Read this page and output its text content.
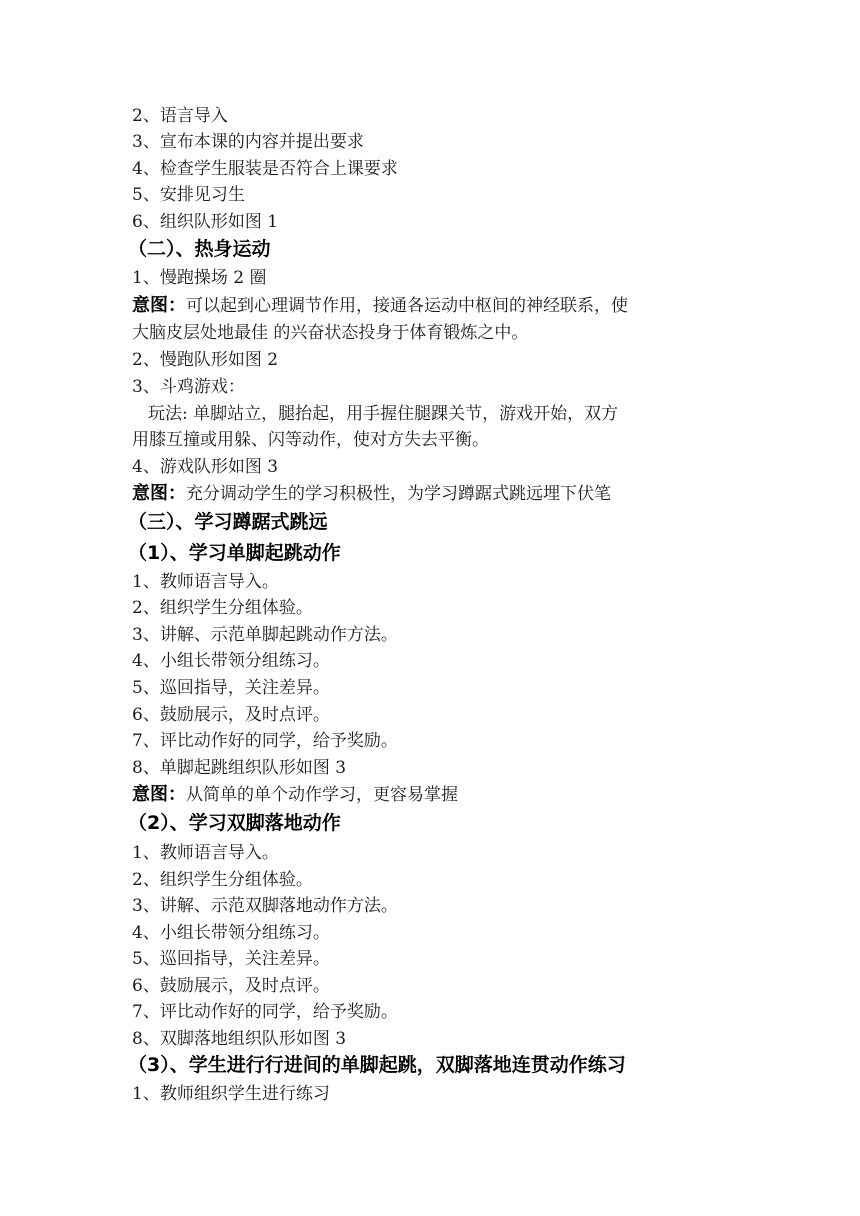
2、语言导入
3、宣布本课的内容并提出要求
4、检查学生服装是否符合上课要求
5、安排见习生
6、组织队形如图 1
（二）、热身运动
1、慢跑操场 2 圈
意图：可以起到心理调节作用，接通各运动中枢间的神经联系，使
大脑皮层处地最佳 的兴奋状态投身于体育锻炼之中。
2、慢跑队形如图 2
3、斗鸡游戏：
玩法: 单脚站立，腿抬起，用手握住腿踝关节，游戏开始，双方
用膝互撞或用躲、闪等动作，使对方失去平衡。
4、游戏队形如图 3
意图：充分调动学生的学习积极性，为学习蹲踞式跳远埋下伏笔
（三）、学习蹲踞式跳远
（1）、学习单脚起跳动作
1、教师语言导入。
2、组织学生分组体验。
3、讲解、示范单脚起跳动作方法。
4、小组长带领分组练习。
5、巡回指导，关注差异。
6、鼓励展示，及时点评。
7、评比动作好的同学，给予奖励。
8、单脚起跳组织队形如图 3
意图：从简单的单个动作学习，更容易掌握
（2）、学习双脚落地动作
1、教师语言导入。
2、组织学生分组体验。
3、讲解、示范双脚落地动作方法。
4、小组长带领分组练习。
5、巡回指导，关注差异。
6、鼓励展示，及时点评。
7、评比动作好的同学，给予奖励。
8、双脚落地组织队形如图 3
（3）、学生进行行进间的单脚起跳，双脚落地连贯动作练习
1、教师组织学生进行练习
